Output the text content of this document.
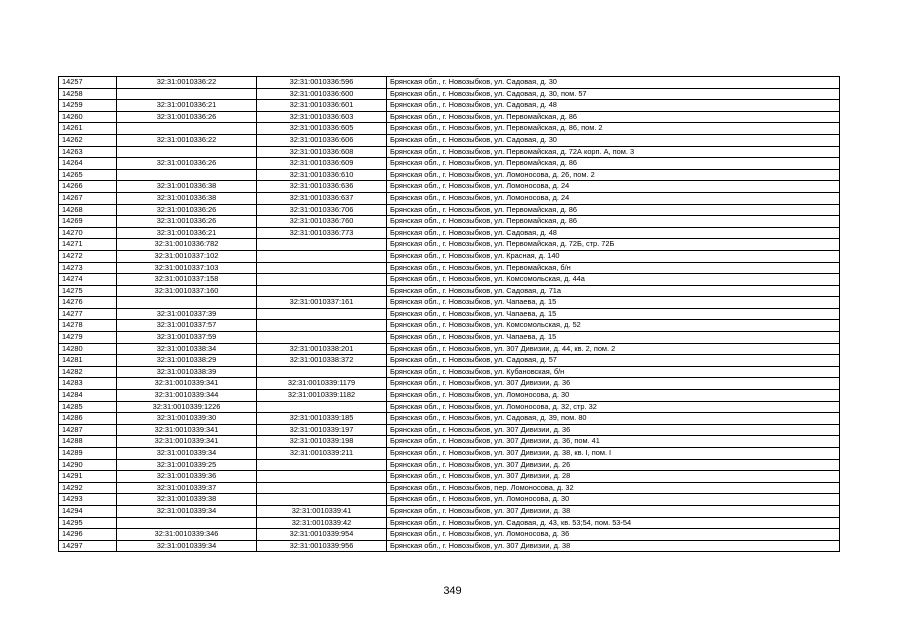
14257	32:31:0010336:22	32:31:0010336:596	Брянская обл., г. Новозыбков, ул. Садовая, д. 30
14258		32:31:0010336:600	Брянская обл., г. Новозыбков, ул. Садовая, д. 30, пом. 57
14259	32:31:0010336:21	32:31:0010336:601	Брянская обл., г. Новозыбков, ул. Садовая, д. 48
14260	32:31:0010336:26	32:31:0010336:603	Брянская обл., г. Новозыбков, ул. Первомайская, д. 86
14261		32:31:0010336:605	Брянская обл., г. Новозыбков, ул. Первомайская, д. 86, пом. 2
14262	32:31:0010336:22	32:31:0010336:606	Брянская обл., г. Новозыбков, ул. Садовая, д. 30
14263		32:31:0010336:608	Брянская обл., г. Новозыбков, ул. Первомайская, д. 72А корп. А, пом. 3
14264	32:31:0010336:26	32:31:0010336:609	Брянская обл., г. Новозыбков, ул. Первомайская, д. 86
14265		32:31:0010336:610	Брянская обл., г. Новозыбков, ул. Ломоносова, д. 26, пом. 2
14266	32:31:0010336:38	32:31:0010336:636	Брянская обл., г. Новозыбков, ул. Ломоносова, д. 24
14267	32:31:0010336:38	32:31:0010336:637	Брянская обл., г. Новозыбков, ул. Ломоносова, д. 24
14268	32:31:0010336:26	32:31:0010336:706	Брянская обл., г. Новозыбков, ул. Первомайская, д. 86
14269	32:31:0010336:26	32:31:0010336:760	Брянская обл., г. Новозыбков, ул. Первомайская, д. 86
14270	32:31:0010336:21	32:31:0010336:773	Брянская обл., г. Новозыбков, ул. Садовая, д. 48
14271	32:31:0010336:782		Брянская обл., г. Новозыбков, ул. Первомайская, д. 72Б, стр. 72Б
14272	32:31:0010337:102		Брянская обл., г. Новозыбков, ул. Красная, д. 140
14273	32:31:0010337:103		Брянская обл., г. Новозыбков, ул. Первомайская, б/н
14274	32:31:0010337:158		Брянская обл., г. Новозыбков, ул. Комсомольская, д. 44а
14275	32:31:0010337:160		Брянская обл., г. Новозыбков, ул. Садовая, д. 71а
14276		32:31:0010337:161	Брянская обл., г. Новозыбков, ул. Чапаева, д. 15
14277	32:31:0010337:39		Брянская обл., г. Новозыбков, ул. Чапаева, д. 15
14278	32:31:0010337:57		Брянская обл., г. Новозыбков, ул. Комсомольская, д. 52
14279	32:31:0010337:59		Брянская обл., г. Новозыбков, ул. Чапаева, д. 15
14280	32:31:0010338:34	32:31:0010338:201	Брянская обл., г. Новозыбков, ул. 307 Дивизии, д. 44, кв. 2, пом. 2
14281	32:31:0010338:29	32:31:0010338:372	Брянская обл., г. Новозыбков, ул. Садовая, д. 57
14282	32:31:0010338:39		Брянская обл., г. Новозыбков, ул. Кубановская, б/н
14283	32:31:0010339:341	32:31:0010339:1179	Брянская обл., г. Новозыбков, ул. 307 Дивизии, д. 36
14284	32:31:0010339:344	32:31:0010339:1182	Брянская обл., г. Новозыбков, ул. Ломоносова, д. 30
14285	32:31:0010339:1226		Брянская обл., г. Новозыбков, ул. Ломоносова, д. 32, стр. 32
14286	32:31:0010339:30	32:31:0010339:185	Брянская обл., г. Новозыбков, ул. Садовая, д. 39, пом. 80
14287	32:31:0010339:341	32:31:0010339:197	Брянская обл., г. Новозыбков, ул. 307 Дивизии, д. 36
14288	32:31:0010339:341	32:31:0010339:198	Брянская обл., г. Новозыбков, ул. 307 Дивизии, д. 36, пом. 41
14289	32:31:0010339:34	32:31:0010339:211	Брянская обл., г. Новозыбков, ул. 307 Дивизии, д. 38, кв. I, пом. I
14290	32:31:0010339:25		Брянская обл., г. Новозыбков, ул. 307 Дивизии, д. 26
14291	32:31:0010339:36		Брянская обл., г. Новозыбков, ул. 307 Дивизии, д. 28
14292	32:31:0010339:37		Брянская обл., г. Новозыбков, пер. Ломоносова, д. 32
14293	32:31:0010339:38		Брянская обл., г. Новозыбков, ул. Ломоносова, д. 30
14294	32:31:0010339:34	32:31:0010339:41	Брянская обл., г. Новозыбков, ул. 307 Дивизии, д. 38
14295		32:31:0010339:42	Брянская обл., г. Новозыбков, ул. Садовая, д. 43, кв. 53;54, пом. 53-54
14296	32:31:0010339:346	32:31:0010339:954	Брянская обл., г. Новозыбков, ул. Ломоносова, д. 36
14297	32:31:0010339:34	32:31:0010339:956	Брянская обл., г. Новозыбков, ул. 307 Дивизии, д. 38
349
